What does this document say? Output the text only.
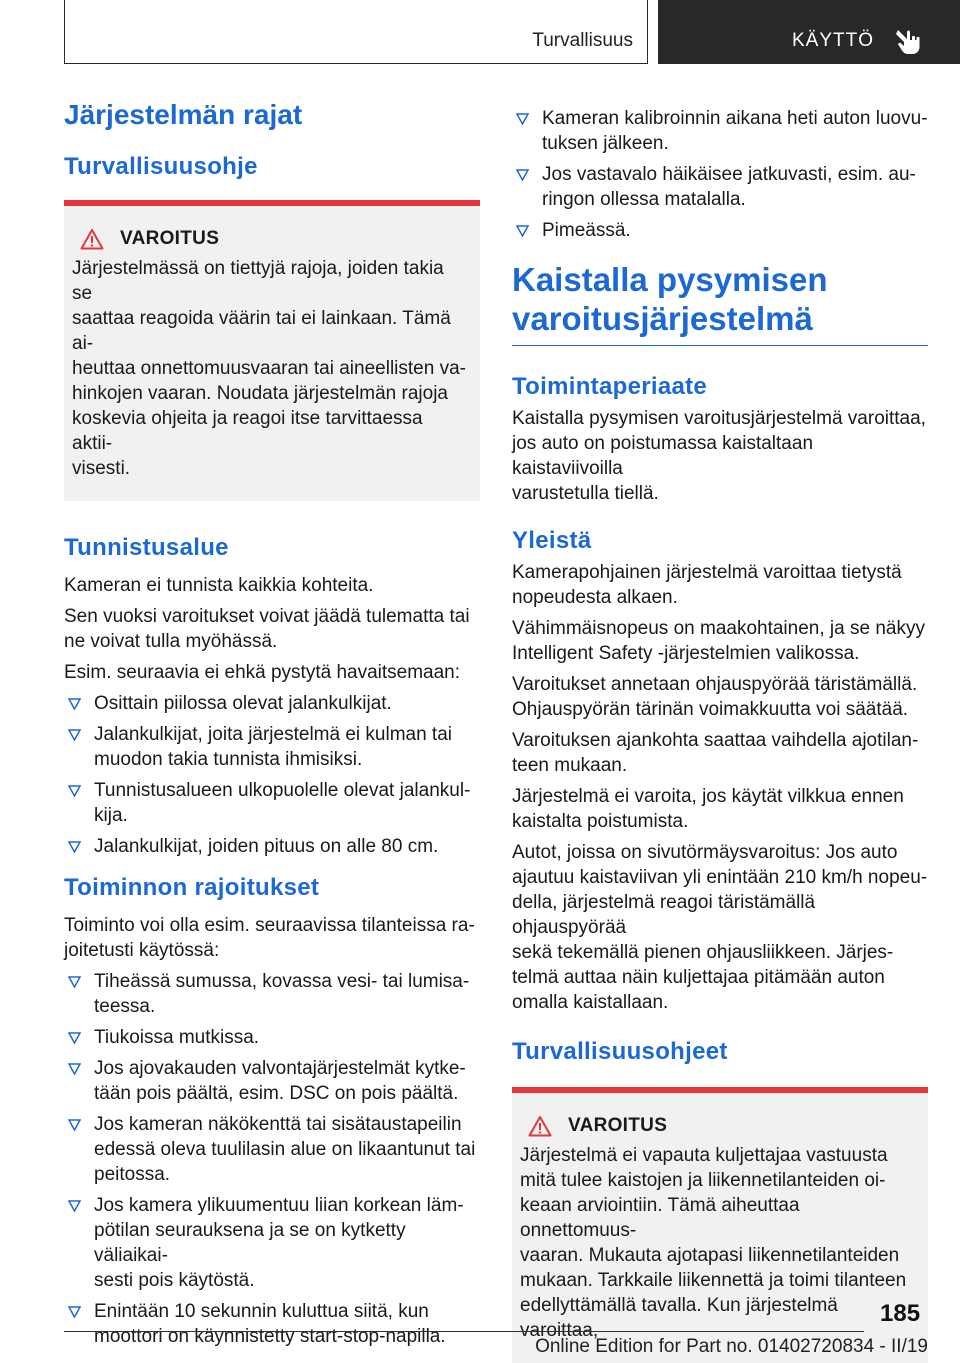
Turvallisuus	KÄYTTÖ
Järjestelmän rajat
Turvallisuusohje
VAROITUS

Järjestelmässä on tiettyjä rajoja, joiden takia se

saattaa reagoida väärin tai ei lainkaan. Tämä ai-

heuttaa onnettomuusvaaran tai aineellisten va-

hinkojen vaaran. Noudata järjestelmän rajoja

koskevia ohjeita ja reagoi itse tarvittaessa aktii-

visesti.

Tunnistusalue

Kameran ei tunnista kaikkia kohteita.

Sen vuoksi varoitukset voivat jäädä tulematta tai
ne voivat tulla myöhässä.

Esim. seuraavia ei ehkä pystytä havaitsemaan:

Osittain piilossa olevat jalankulkijat.
Jalankulkijat, joita järjestelmä ei kulman tai
muodon takia tunnista ihmisiksi.
Tunnistusalueen ulkopuolelle olevat jalankul-
kija.
Jalankulkijat, joiden pituus on alle 80 cm.
Toiminnon rajoitukset

Toiminto voi olla esim. seuraavissa tilanteissa ra-
joitetusti käytössä:

Tiheässä sumussa, kovassa vesi- tai lumisa-
teessa.
Tiukoissa mutkissa.
Jos ajovakauden valvontajärjestelmät kytke-
tään pois päältä, esim. DSC on pois päältä.
Jos kameran näkökenttä tai sisätaustapeilin
edessä oleva tuulilasin alue on likaantunut tai
peitossa.
Jos kamera ylikuumentuu liian korkean läm-
pötilan seurauksena ja se on kytketty väliaikai-
sesti pois käytöstä.
Enintään 10 sekunnin kuluttua siitä, kun
moottori on käynnistetty start-stop-napilla.
Kameran kalibroinnin aikana heti auton luovu-
tuksen jälkeen.
Jos vastavalo häikäisee jatkuvasti, esim. au-
ringon ollessa matalalla.
Pimeässä.
Kaistalla pysymisen
varoitusjärjestelmä
Toimintaperiaate

Kaistalla pysymisen varoitusjärjestelmä varoittaa,
jos auto on poistumassa kaistaltaan kaistaviivoilla
varustetulla tiellä.

Yleistä

Kamerapohjainen järjestelmä varoittaa tietystä
nopeudesta alkaen.

Vähimmäisnopeus on maakohtainen, ja se näkyy
Intelligent Safety -järjestelmien valikossa.

Varoitukset annetaan ohjauspyörää täristämällä.
Ohjauspyörän tärinän voimakkuutta voi säätää.

Varoituksen ajankohta saattaa vaihdella ajotilan-
teen mukaan.

Järjestelmä ei varoita, jos käytät vilkkua ennen
kaistalta poistumista.

Autot, joissa on sivutörmäysvaroitus: Jos auto
ajautuu kaistaviivan yli enintään 210 km/h nopeu-
della, järjestelmä reagoi täristämällä ohjauspyörää
sekä tekemällä pienen ohjausliikkeen. Järjes-
telmä auttaa näin kuljettajaa pitämään auton
omalla kaistallaan.

Turvallisuusohjeet
VAROITUS

Järjestelmä ei vapauta kuljettajaa vastuusta

mitä tulee kaistojen ja liikennetilanteiden oi-

keaan arviointiin. Tämä aiheuttaa onnettomuus-

vaaran. Mukauta ajotapasi liikennetilanteiden

mukaan. Tarkkaile liikennettä ja toimi tilanteen

edellyttämällä tavalla. Kun järjestelmä varoittaa,

185
Online Edition for Part no. 01402720834 - II/19
